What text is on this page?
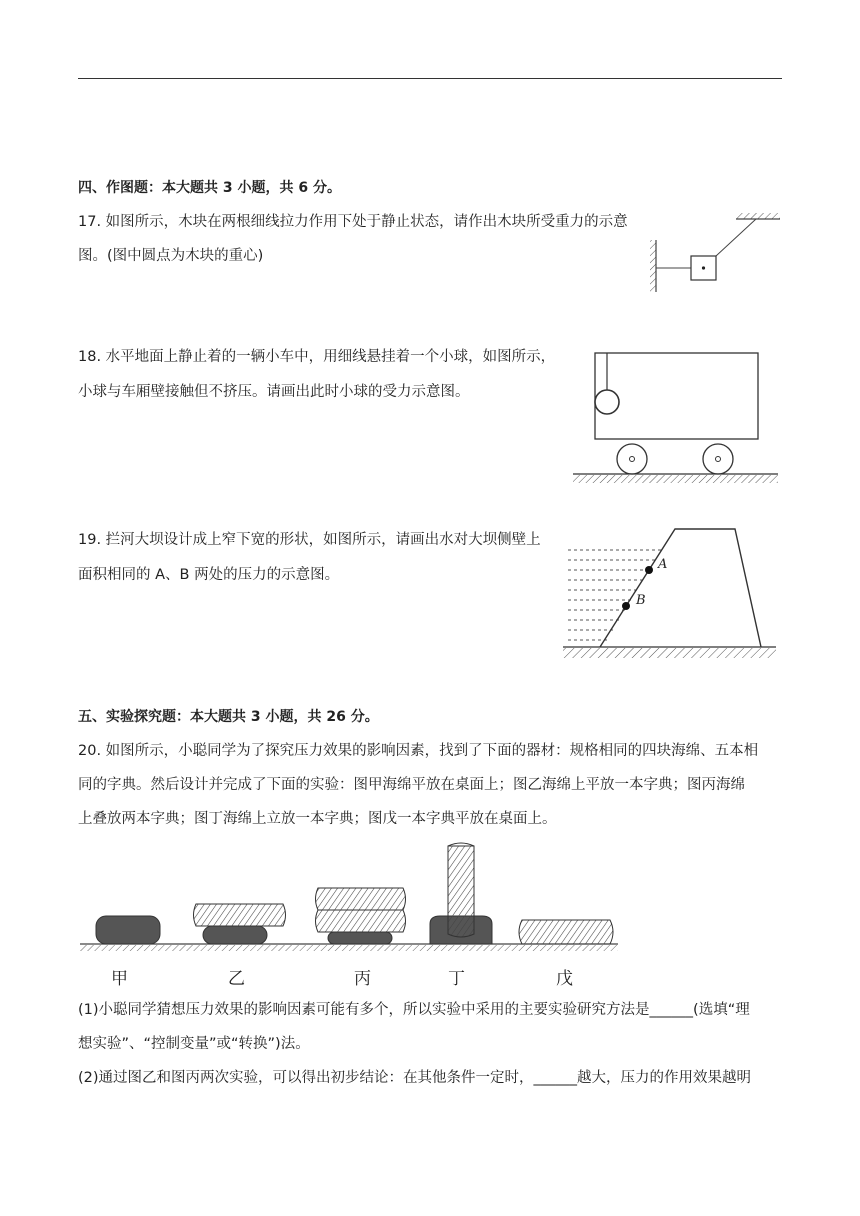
四、作图题：本大题共 3 小题，共 6 分。
17. 如图所示，木块在两根细线拉力作用下处于静止状态，请作出木块所受重力的示意
图。(图中圆点为木块的重心)
18. 水平地面上静止着的一辆小车中，用细线悬挂着一个小球，如图所示，
小球与车厢壁接触但不挤压。请画出此时小球的受力示意图。
19. 拦河大坝设计成上窄下宽的形状，如图所示，请画出水对大坝侧壁上
面积相同的 A、B 两处的压力的示意图。
A
B
五、实验探究题：本大题共 3 小题，共 26 分。
20. 如图所示，小聪同学为了探究压力效果的影响因素，找到了下面的器材：规格相同的四块海绵、五本相
同的字典。然后设计并完成了下面的实验：图甲海绵平放在桌面上；图乙海绵上平放一本字典；图丙海绵
上叠放两本字典；图丁海绵上立放一本字典；图戊一本字典平放在桌面上。
甲	乙	丙	丁	戊
(1)小聪同学猜想压力效果的影响因素可能有多个，所以实验中采用的主要实验研究方法是______(选填“理
想实验”、“控制变量”或“转换”)法。
(2)通过图乙和图丙两次实验，可以得出初步结论：在其他条件一定时，______越大，压力的作用效果越明
